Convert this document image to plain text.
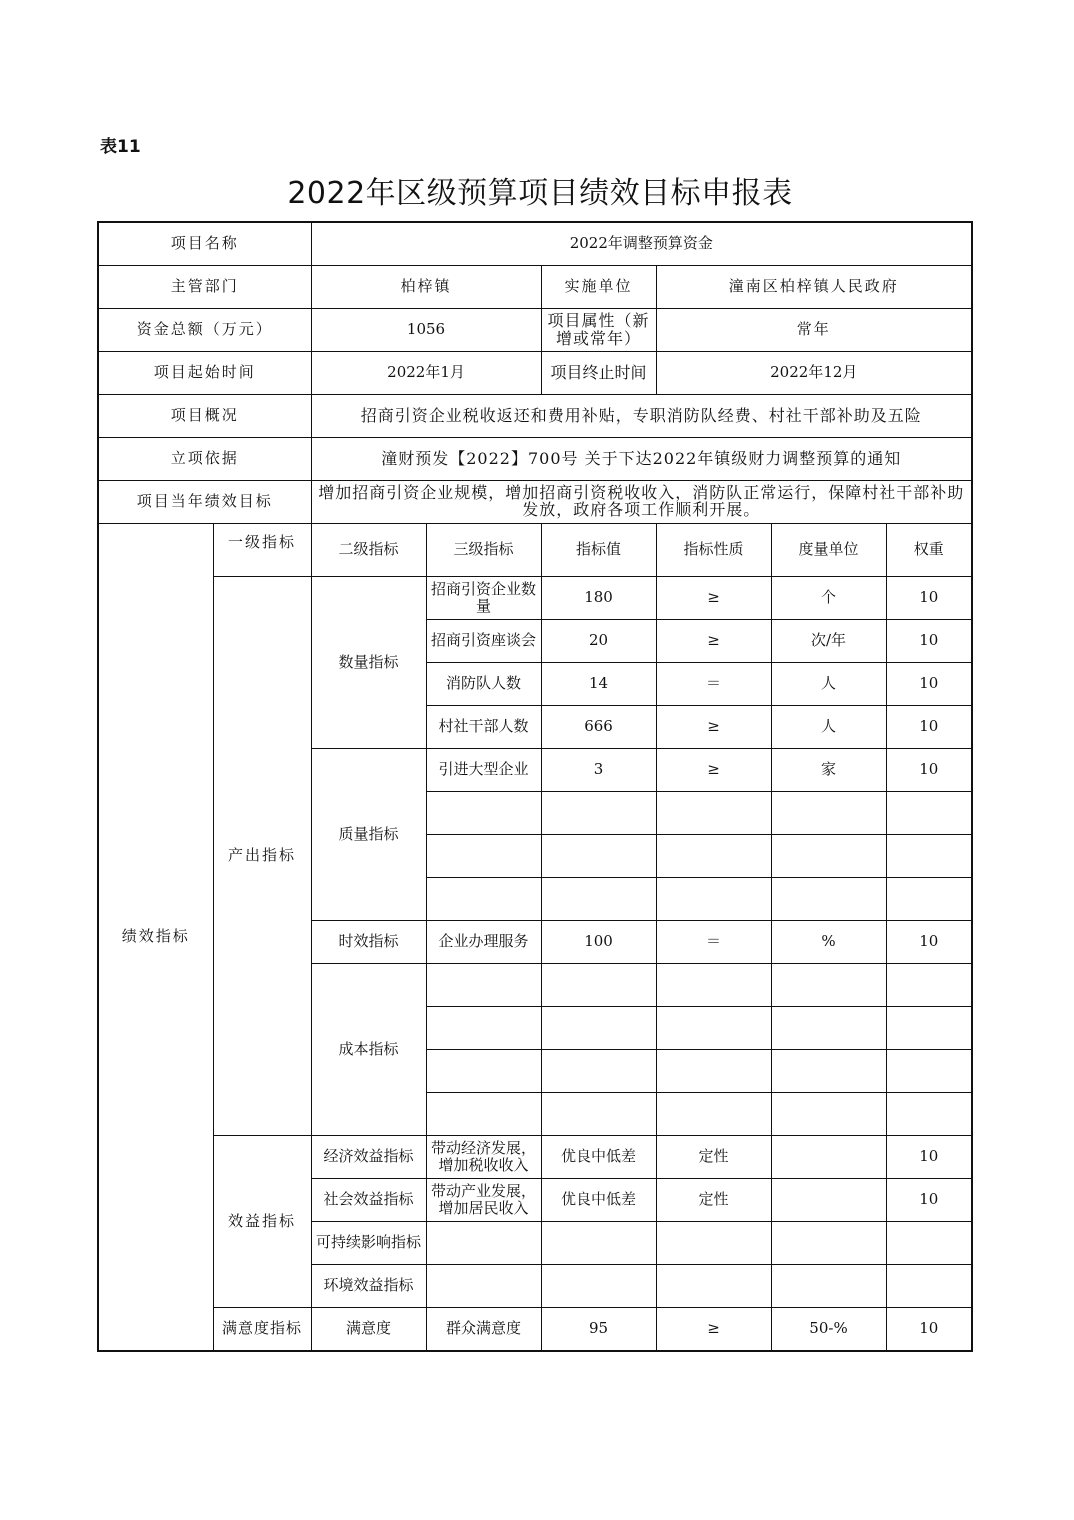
表11
2022年区级预算项目绩效目标申报表
项目名称		2022年调整预算资金					
主管部门		柏梓镇		实施单位	潼南区柏梓镇人民政府		
资金总额（万元）		1056		项目属性（新增或常年）	常年		
项目起始时间		2022年1月		项目终止时间	2022年12月		
项目概况		招商引资企业税收返还和费用补贴，专职消防队经费、村社干部补助及五险					
立项依据		潼财预发【2022】700号 关于下达2022年镇级财力调整预算的通知					
项目当年绩效目标		增加招商引资企业规模，增加招商引资税收收入，消防队正常运行，保障村社干部补助发放，政府各项工作顺利开展。					
绩效指标	一级指标	二级指标	三级指标	指标值	指标性质	度量单位	权重
	产出指标	数量指标	招商引资企业数量	180	≥	个	10
			招商引资座谈会	20	≥	次/年	10
			消防队人数	14	＝	人	10
			村社干部人数	666	≥	人	10
		质量指标	引进大型企业	3	≥	家	10

		时效指标	企业办理服务	100	＝	%	10
		成本指标					

	效益指标	经济效益指标	带动经济发展，增加税收收入	优良中低差	定性		10
		社会效益指标	带动产业发展，增加居民收入	优良中低差	定性		10
		可持续影响指标					
		环境效益指标					
	满意度指标	满意度	群众满意度	95	≥	50-%	10
